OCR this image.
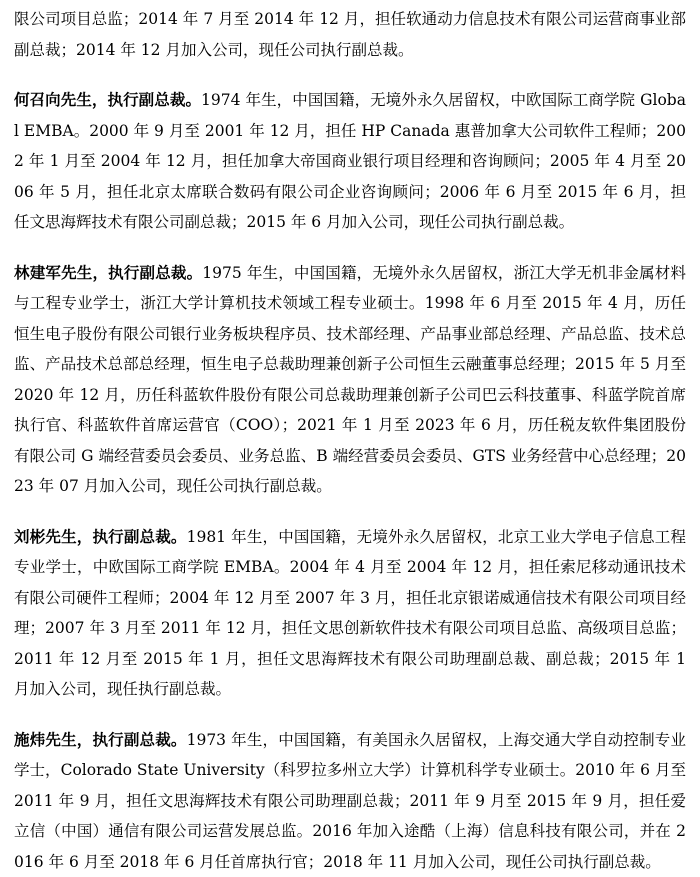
限公司项目总监；2014 年 7 月至 2014 年 12 月，担任软通动力信息技术有限公司运营商事业部副总裁；2014 年 12 月加入公司，现任公司执行副总裁。

何召向先生，执行副总裁。1974 年生，中国国籍，无境外永久居留权，中欧国际工商学院 Global EMBA。2000 年 9 月至 2001 年 12 月，担任 HP Canada 惠普加拿大公司软件工程师；2002 年 1 月至 2004 年 12 月，担任加拿大帝国商业银行项目经理和咨询顾问；2005 年 4 月至 2006 年 5 月，担任北京太席联合数码有限公司企业咨询顾问；2006 年 6 月至 2015 年 6 月，担任文思海辉技术有限公司副总裁；2015 年 6 月加入公司，现任公司执行副总裁。

林建军先生，执行副总裁。1975 年生，中国国籍，无境外永久居留权，浙江大学无机非金属材料与工程专业学士，浙江大学计算机技术领域工程专业硕士。1998 年 6 月至 2015 年 4 月，历任恒生电子股份有限公司银行业务板块程序员、技术部经理、产品事业部总经理、产品总监、技术总监、产品技术总部总经理，恒生电子总裁助理兼创新子公司恒生云融董事总经理；2015 年 5 月至 2020 年 12 月，历任科蓝软件股份有限公司总裁助理兼创新子公司巴云科技董事、科蓝学院首席执行官、科蓝软件首席运营官（COO）；2021 年 1 月至 2023 年 6 月，历任税友软件集团股份有限公司 G 端经营委员会委员、业务总监、B 端经营委员会委员、GTS 业务经营中心总经理；2023 年 07 月加入公司，现任公司执行副总裁。

刘彬先生，执行副总裁。1981 年生，中国国籍，无境外永久居留权，北京工业大学电子信息工程专业学士，中欧国际工商学院 EMBA。2004 年 4 月至 2004 年 12 月，担任索尼移动通讯技术有限公司硬件工程师；2004 年 12 月至 2007 年 3 月，担任北京银诺威通信技术有限公司项目经理；2007 年 3 月至 2011 年 12 月，担任文思创新软件技术有限公司项目总监、高级项目总监；2011 年 12 月至 2015 年 1 月，担任文思海辉技术有限公司助理副总裁、副总裁；2015 年 1 月加入公司，现任执行副总裁。

施炜先生，执行副总裁。1973 年生，中国国籍，有美国永久居留权，上海交通大学自动控制专业学士，Colorado State University（科罗拉多州立大学）计算机科学专业硕士。2010 年 6 月至 2011 年 9 月，担任文思海辉技术有限公司助理副总裁；2011 年 9 月至 2015 年 9 月，担任爱立信（中国）通信有限公司运营发展总监。2016 年加入途酷（上海）信息科技有限公司，并在 2016 年 6 月至 2018 年 6 月任首席执行官；2018 年 11 月加入公司，现任公司执行副总裁。
